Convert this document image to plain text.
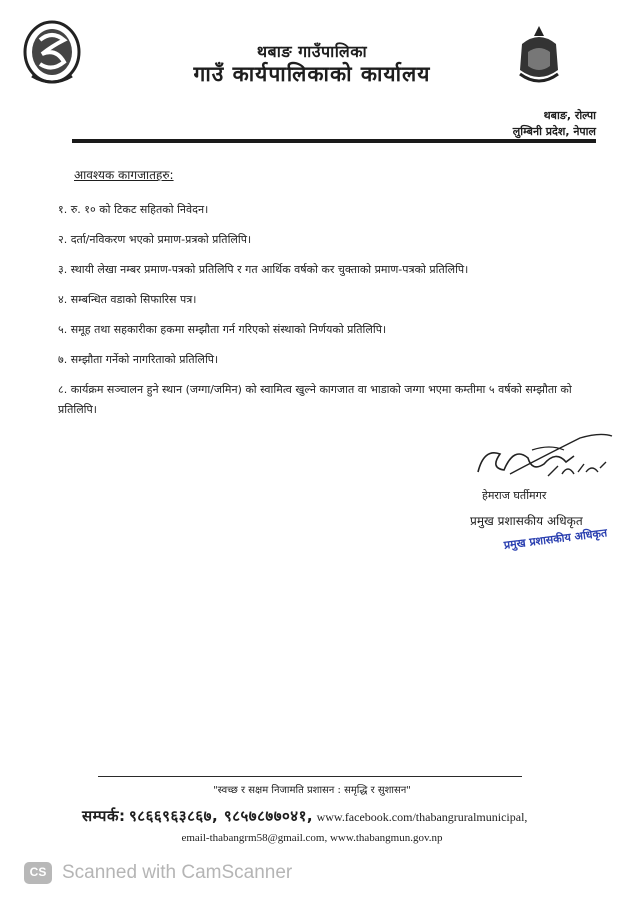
थबाङ गाउँपालिका
गाउँ कार्यपालिकाको कार्यालय
थबाङ, रोल्पा
लुम्बिनी प्रदेश, नेपाल
आवश्यक कागजातहरु:
१. रु. १० को टिकट सहितको निवेदन।
२. दर्ता/नविकरण भएको प्रमाण-प्रत्रको प्रतिलिपि।
३. स्थायी लेखा नम्बर प्रमाण-पत्रको प्रतिलिपि र गत आर्थिक वर्षको कर चुक्ताको प्रमाण-पत्रको प्रतिलिपि।
४. सम्बन्धित वडाको सिफारिस पत्र।
५. समूह तथा सहकारीका हकमा सम्झौता गर्न गरिएको संस्थाको निर्णयको प्रतिलिपि।
७. सम्झौता गर्नेको नागरिताको प्रतिलिपि।
८. कार्यक्रम सञ्चालन हुने स्थान (जग्गा/जमिन) को स्वामित्व खुल्ने कागजात वा भाडाको जग्गा भएमा कम्तीमा ५ वर्षको सम्झौता को प्रतिलिपि।
हेमराज घर्तीमगर
प्रमुख प्रशासकीय अधिकृत
प्रमुख प्रशासकीय अधिकृत
"स्वच्छ र सक्षम निजामति प्रशासन : समृद्धि र सुशासन"
सम्पर्क: ९८६६९६३८६७, ९८५७८७७०४१, www.facebook.com/thabangruralmunicipal,
email-thabangrm58@gmail.com, www.thabangmun.gov.np
CS Scanned with CamScanner
